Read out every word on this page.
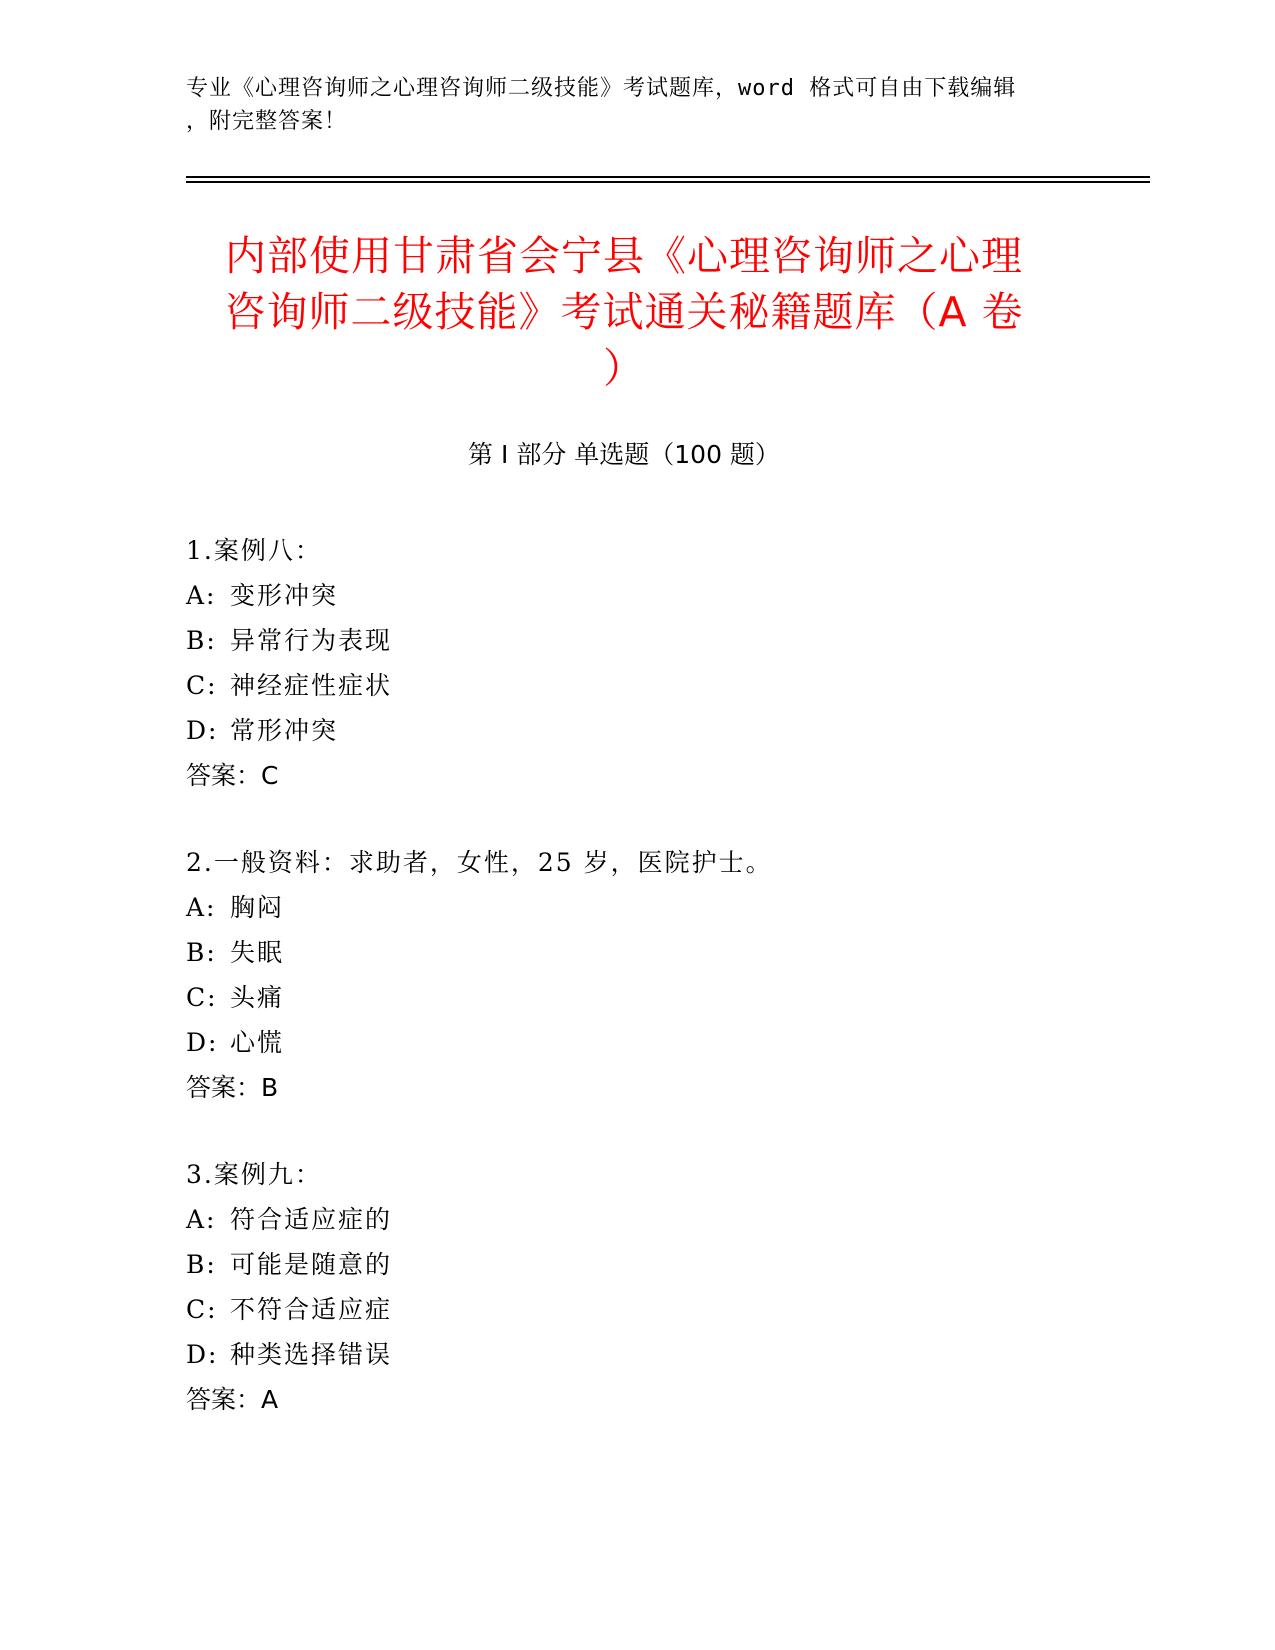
专业《心理咨询师之心理咨询师二级技能》考试题库，word 格式可自由下载编辑
，附完整答案！
内部使用甘肃省会宁县《心理咨询师之心理
咨询师二级技能》考试通关秘籍题库（A 卷
）
第 I 部分 单选题（100 题）
1.案例八：
A: 变形冲突
B: 异常行为表现
C: 神经症性症状
D: 常形冲突
答案：C
2.一般资料：求助者，女性，25 岁，医院护士。
A: 胸闷
B: 失眠
C: 头痛
D: 心慌
答案：B
3.案例九：
A: 符合适应症的
B: 可能是随意的
C: 不符合适应症
D: 种类选择错误
答案：A
